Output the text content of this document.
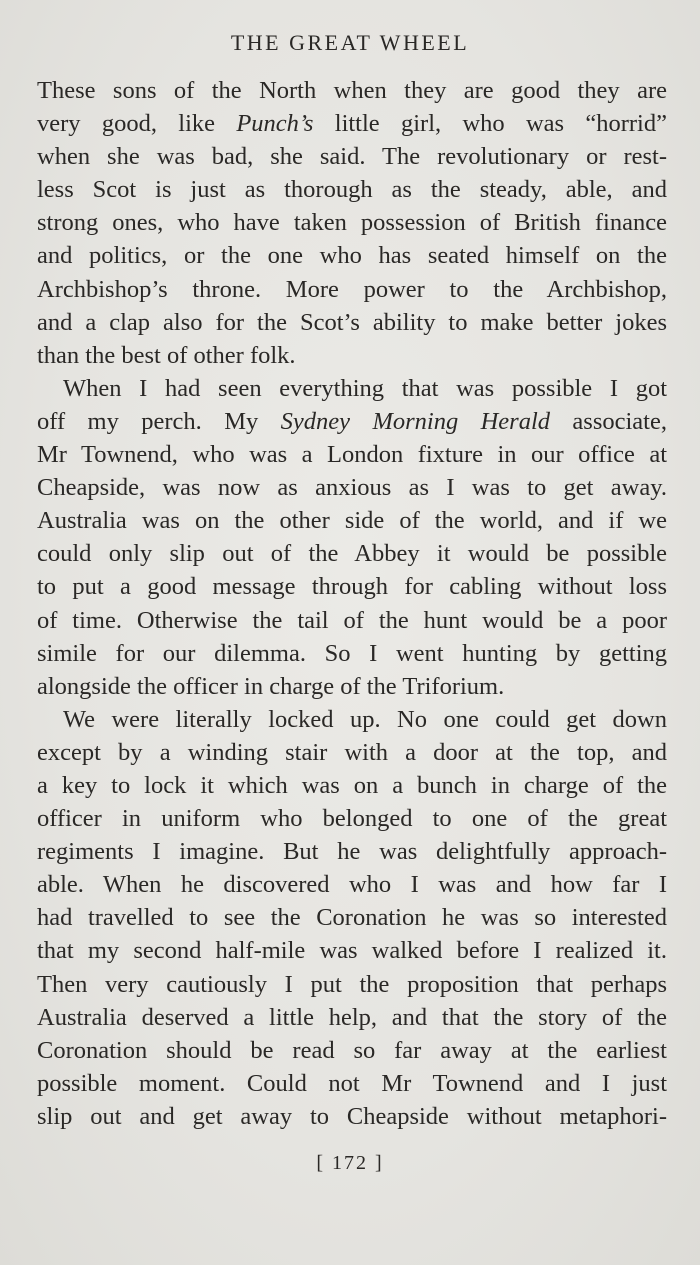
THE GREAT WHEEL
These sons of the North when they are good they are
very good, like Punch’s little girl, who was “horrid”
when she was bad, she said. The revolutionary or rest-
less Scot is just as thorough as the steady, able, and
strong ones, who have taken possession of British finance
and politics, or the one who has seated himself on the
Archbishop’s throne. More power to the Archbishop,
and a clap also for the Scot’s ability to make better jokes
than the best of other folk.
When I had seen everything that was possible I got
off my perch. My Sydney Morning Herald associate,
Mr Townend, who was a London fixture in our office at
Cheapside, was now as anxious as I was to get away.
Australia was on the other side of the world, and if we
could only slip out of the Abbey it would be possible
to put a good message through for cabling without loss
of time. Otherwise the tail of the hunt would be a poor
simile for our dilemma. So I went hunting by getting
alongside the officer in charge of the Triforium.
We were literally locked up. No one could get down
except by a winding stair with a door at the top, and
a key to lock it which was on a bunch in charge of the
officer in uniform who belonged to one of the great
regiments I imagine. But he was delightfully approach-
able. When he discovered who I was and how far I
had travelled to see the Coronation he was so interested
that my second half-mile was walked before I realized it.
Then very cautiously I put the proposition that perhaps
Australia deserved a little help, and that the story of the
Coronation should be read so far away at the earliest
possible moment. Could not Mr Townend and I just
slip out and get away to Cheapside without metaphori-
[ 172 ]
